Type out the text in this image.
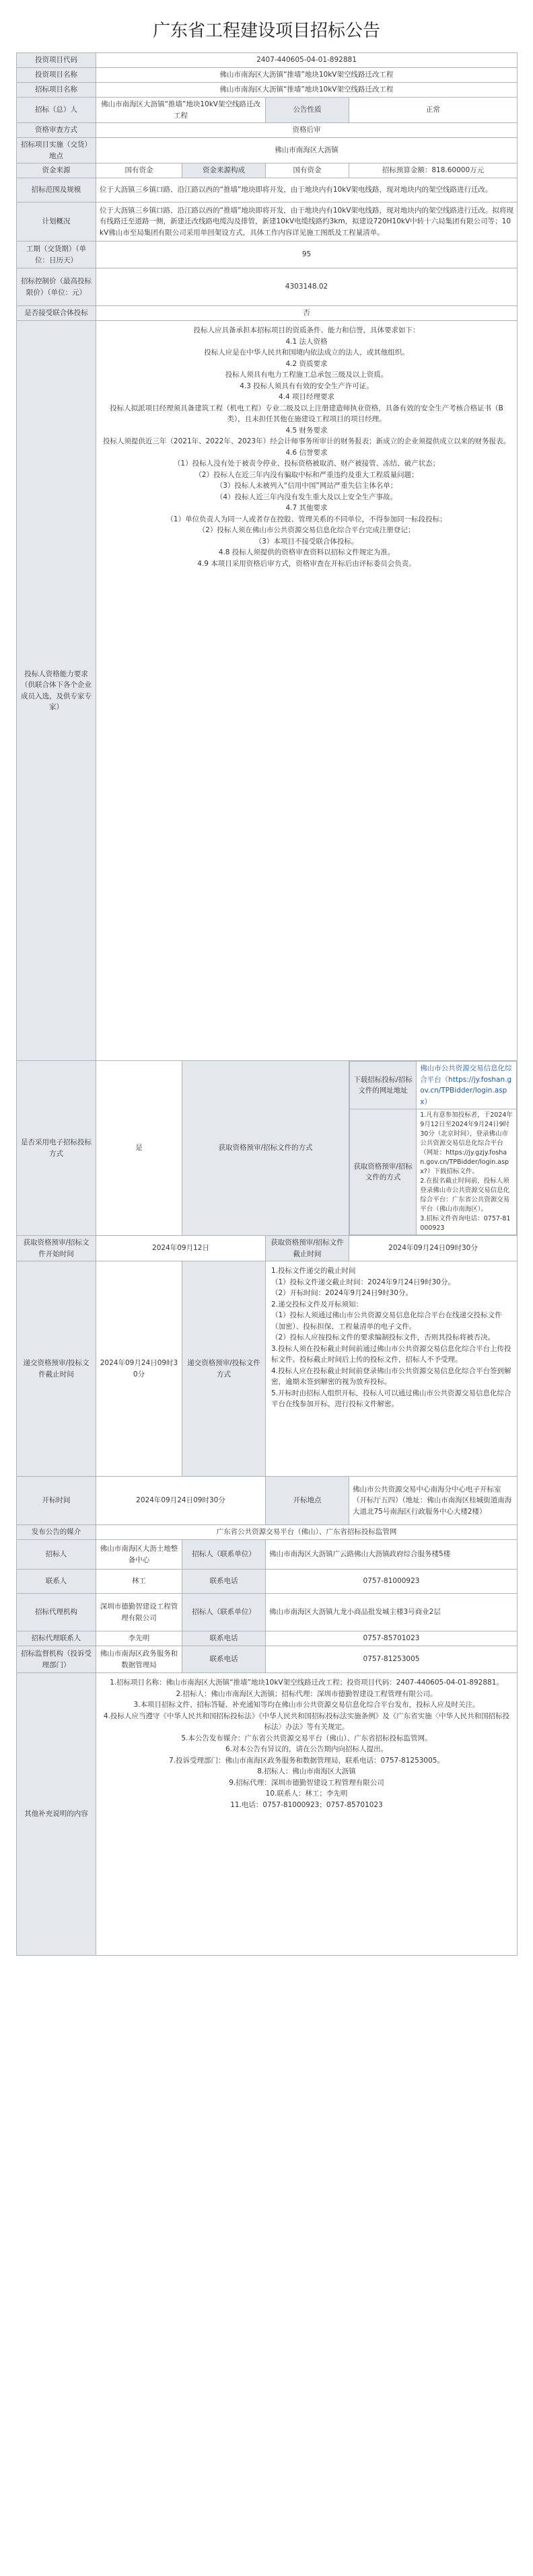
广东省工程建设项目招标公告
投资项目代码	2407-440605-04-01-892881
投资项目名称	佛山市南海区大沥镇“推墙”地块10kV架空线路迁改工程
招标项目名称	佛山市南海区大沥镇“推墙”地块10kV架空线路迁改工程
招标（总）人	佛山市南海区大沥镇“推墙”地块10kV架空线路迁改工程	公告性质	正常
资格审查方式	资格后审
招标项目实施（交货）地点	佛山市南海区大沥镇
资金来源	国有资金	资金来源构成	国有资金	招标预算金额：818.60000万元
招标范围及规模	位于大沥镇三乡镇口路、沿江路以西的“推墙”地块即将开发，由于地块内有10kV架电线路，现对地块内的架空线路进行迁改。
计划概况	位于大沥镇三乡镇口路、沿江路以西的“推墙”地块即将开发，由于地块内有10kV架电线路，现对地块内的架空线路进行迁改。拟将现有线路迁至道路一侧，新建迁改线路电缆沟及排管，新建10kV电缆线路约3km，拟建设720H10kV中转十六局集团有限公司等；10kV佛山市至局集团有限公司采用单回架设方式，具体工作内容详见施工图纸及工程量清单。
工期（交货期）（单位：日历天）	95
招标控制价（最高投标限价）（单位：元）	4303148.02
是否接受联合体投标	否
投标人资格能力要求（供联合体下各个企业成员入选，及供专家专家）	投标人应具备承担本招标项目的资质条件、能力和信誉，具体要求如下：
4.1 法人资格
投标人应是在中华人民共和国境内依法成立的法人，或其他组织。
4.2 资质要求
投标人须具有电力工程施工总承包三级及以上资质。
4.3 投标人须具有有效的安全生产许可证。
4.4 项目经理要求
投标人拟派项目经理须具备建筑工程（机电工程）专业二级及以上注册建造师执业资格，具备有效的安全生产考核合格证书（B类），且未担任其他在施建设工程项目的项目经理。
4.5 财务要求
投标人须提供近三年（2021年、2022年、2023年）经会计师事务所审计的财务报表；新成立的企业须提供成立以来的财务报表。
4.6 信誉要求
（1）投标人没有处于被责令停业、投标资格被取消、财产被接管、冻结、破产状态；
（2）投标人在近三年内没有骗取中标和严重违约及重大工程质量问题；
（3）投标人未被列入“信用中国”网站严重失信主体名单；
（4）投标人近三年内没有发生重大及以上安全生产事故。
4.7 其他要求
（1）单位负责人为同一人或者存在控股、管理关系的不同单位，不得参加同一标段投标；
（2）投标人须在佛山市公共资源交易信息化综合平台完成注册登记；
（3）本项目不接受联合体投标。
4.8 投标人须提供的资格审查资料以招标文件规定为准。
4.9 本项目采用资格后审方式，资格审查在开标后由评标委员会负责。
是否采用电子招标投标方式	是	获取资格预审/招标文件的方式	
下载招标投标/招标文件的网址地址	佛山市公共资源交易信息化综合平台（https://jy.foshan.gov.cn/TPBidder/login.aspx）
获取资格预审/招标文件的方式	1.凡有意参加投标者，于2024年9月12日至2024年9月24日9时30分（北京时间），登录佛山市公共资源交易信息化综合平台（网址：https://jy.gzjy.foshan.gov.cn/TPBidder/login.aspx?）下载招标文件。
2.在报名截止时间前，投标人须登录佛山市公共资源交易信息化综合平台：广东省公共资源交易平台（佛山市南海区）。
3.招标文件咨询电话：0757-81000923

获取资格预审/招标文件开始时间	2024年09月12日	获取资格预审/招标文件截止时间	2024年09月24日09时30分
递交资格预审/投标文件截止时间	2024年09月24日09时30分	递交资格预审/投标文件方式	1.投标文件递交的截止时间
（1）投标文件递交截止时间：2024年9月24日9时30分。
（2）开标时间：2024年9月24日9时30分。
2.递交投标文件及开标须知：
（1）投标人须通过佛山市公共资源交易信息化综合平台在线递交投标文件（加密）、投标担保、工程量清单的电子文件。
（2）投标人应按投标文件的要求编制投标文件，否则其投标将被否决。
3.投标人须在投标截止时间前通过佛山市公共资源交易信息化综合平台上传投标文件。投标截止时间后上传的投标文件，招标人不予受理。
4.投标人应在投标截止时间前登录佛山市公共资源交易信息化综合平台签到解密，逾期未签到解密的视为放弃投标。
5.开标时由招标人组织开标，投标人可以通过佛山市公共资源交易信息化综合平台在线参加开标，进行投标文件解密。
开标时间	2024年09月24日09时30分	开标地点	佛山市公共资源交易中心南海分中心电子开标室（开标厅五四）（地址：佛山市南海区桂城街道南海大道北75号南海区行政服务中心大楼2楼）
发布公告的媒介	广东省公共资源交易平台（佛山）、广东省招标投标监管网
招标人	佛山市南海区大沥土地整备中心	招标人（联系单位）	佛山市南海区大沥镇广云路佛山大沥镇政府综合服务楼5楼
联系人	林工	联系电话	0757-81000923
招标代理机构	深圳市德勤智建设工程管理有限公司	招标人（联系单位）	佛山市南海区大沥镇九龙小商品批发城主楼3号商业2层
招标代理联系人	李先明	联系电话	0757-85701023
招标监督机构（投诉受理部门）	佛山市南海区政务服务和数据管理局	联系电话	0757-81253005
其他补充说明的内容	1.招标项目名称：佛山市南海区大沥镇“推墙”地块10kV架空线路迁改工程；投资项目代码：2407-440605-04-01-892881。
2.招标人：佛山市南海区大沥镇；招标代理：深圳市德勤智建设工程管理有限公司。
3.本项目招标文件、招标答疑、补充通知等均在佛山市公共资源交易信息化综合平台发布，投标人应及时关注。
4.投标人应当遵守《中华人民共和国招标投标法》《中华人民共和国招标投标法实施条例》及《广东省实施〈中华人民共和国招标投标法〉办法》等有关规定。
5.本公告发布媒介：广东省公共资源交易平台（佛山）、广东省招标投标监管网。
6.对本公告有异议的，请在公告期内向招标人提出。
7.投诉受理部门：佛山市南海区政务服务和数据管理局，联系电话：0757-81253005。
8.招标人：佛山市南海区大沥镇
9.招标代理：深圳市德勤智建设工程管理有限公司
10.联系人：林工；李先明
11.电话：0757-81000923；0757-85701023
